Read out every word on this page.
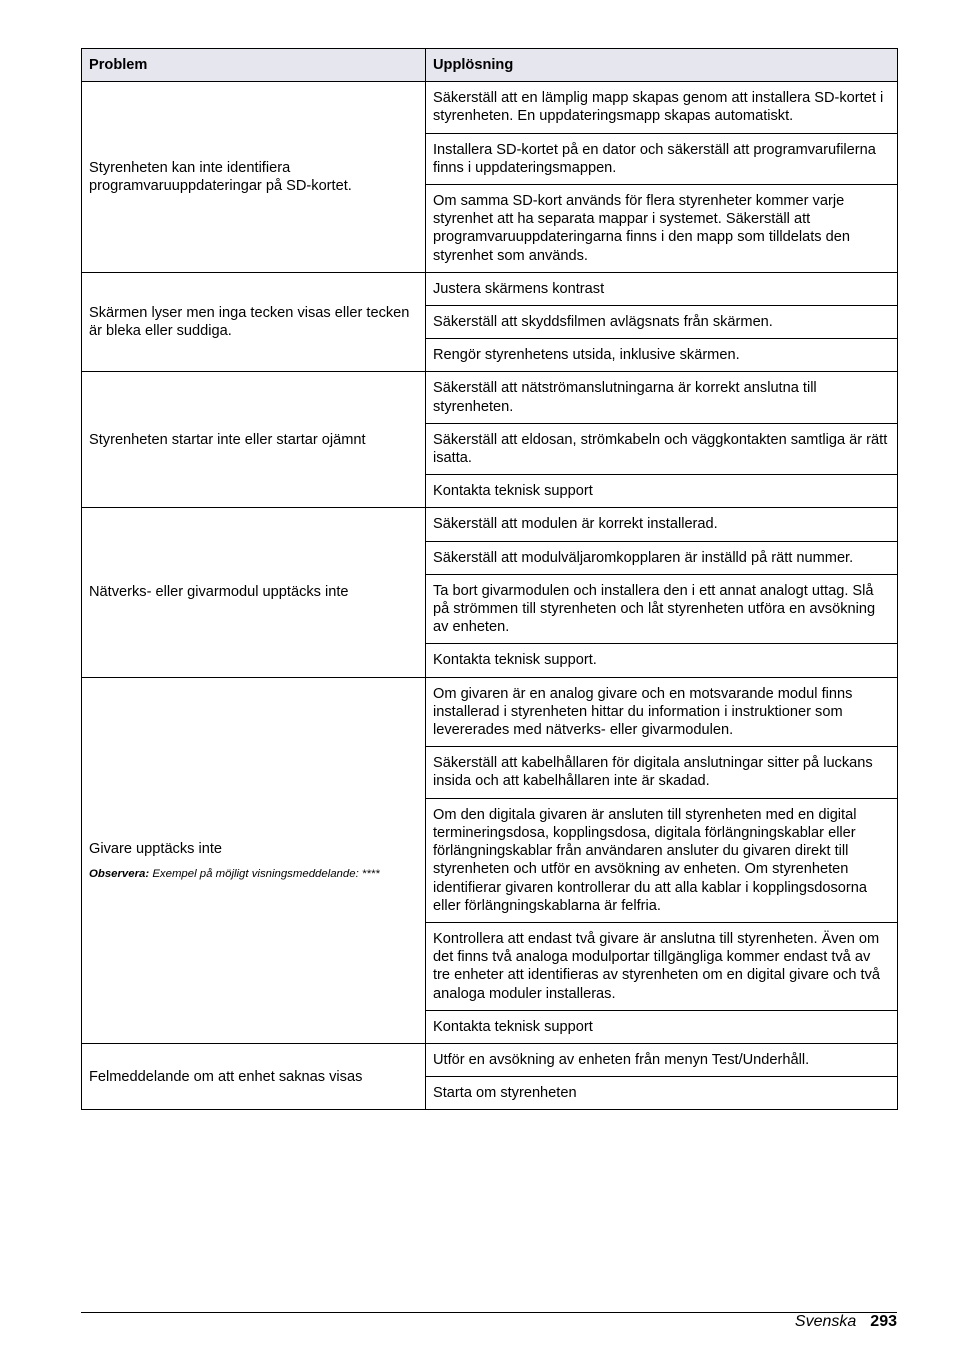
Problem	Upplösning
Styrenheten kan inte identifiera programvaruuppdateringar på SD-kortet.	Säkerställ att en lämplig mapp skapas genom att installera SD-kortet i styrenheten. En uppdateringsmapp skapas automatiskt.
	Installera SD-kortet på en dator och säkerställ att programvarufilerna finns i uppdateringsmappen.
	Om samma SD-kort används för flera styrenheter kommer varje styrenhet att ha separata mappar i systemet. Säkerställ att programvaruuppdateringarna finns i den mapp som tilldelats den styrenhet som används.
Skärmen lyser men inga tecken visas eller tecken är bleka eller suddiga.	Justera skärmens kontrast
	Säkerställ att skyddsfilmen avlägsnats från skärmen.
	Rengör styrenhetens utsida, inklusive skärmen.
Styrenheten startar inte eller startar ojämnt	Säkerställ att nätströmanslutningarna är korrekt anslutna till styrenheten.
	Säkerställ att eldosan, strömkabeln och väggkontakten samtliga är rätt isatta.
	Kontakta teknisk support
Nätverks- eller givarmodul upptäcks inte	Säkerställ att modulen är korrekt installerad.
	Säkerställ att modulväljaromkopplaren är inställd på rätt nummer.
	Ta bort givarmodulen och installera den i ett annat analogt uttag. Slå på strömmen till styrenheten och låt styrenheten utföra en avsökning av enheten.
	Kontakta teknisk support.

Givare upptäcks inte
Observera: Exempel på möjligt visningsmeddelande: ****	Om givaren är en analog givare och en motsvarande modul finns installerad i styrenheten hittar du information i instruktioner som levererades med nätverks- eller givarmodulen.
	Säkerställ att kabelhållaren för digitala anslutningar sitter på luckans insida och att kabelhållaren inte är skadad.
	Om den digitala givaren är ansluten till styrenheten med en digital termineringsdosa, kopplingsdosa, digitala förlängningskablar eller förlängningskablar från användaren ansluter du givaren direkt till styrenheten och utför en avsökning av enheten. Om styrenheten identifierar givaren kontrollerar du att alla kablar i kopplingsdosorna eller förlängningskablarna är felfria.
	Kontrollera att endast två givare är anslutna till styrenheten. Även om det finns två analoga modulportar tillgängliga kommer endast två av tre enheter att identifieras av styrenheten om en digital givare och två analoga moduler installeras.
	Kontakta teknisk support
Felmeddelande om att enhet saknas visas	Utför en avsökning av enheten från menyn Test/Underhåll.
	Starta om styrenheten
Svenska 293
